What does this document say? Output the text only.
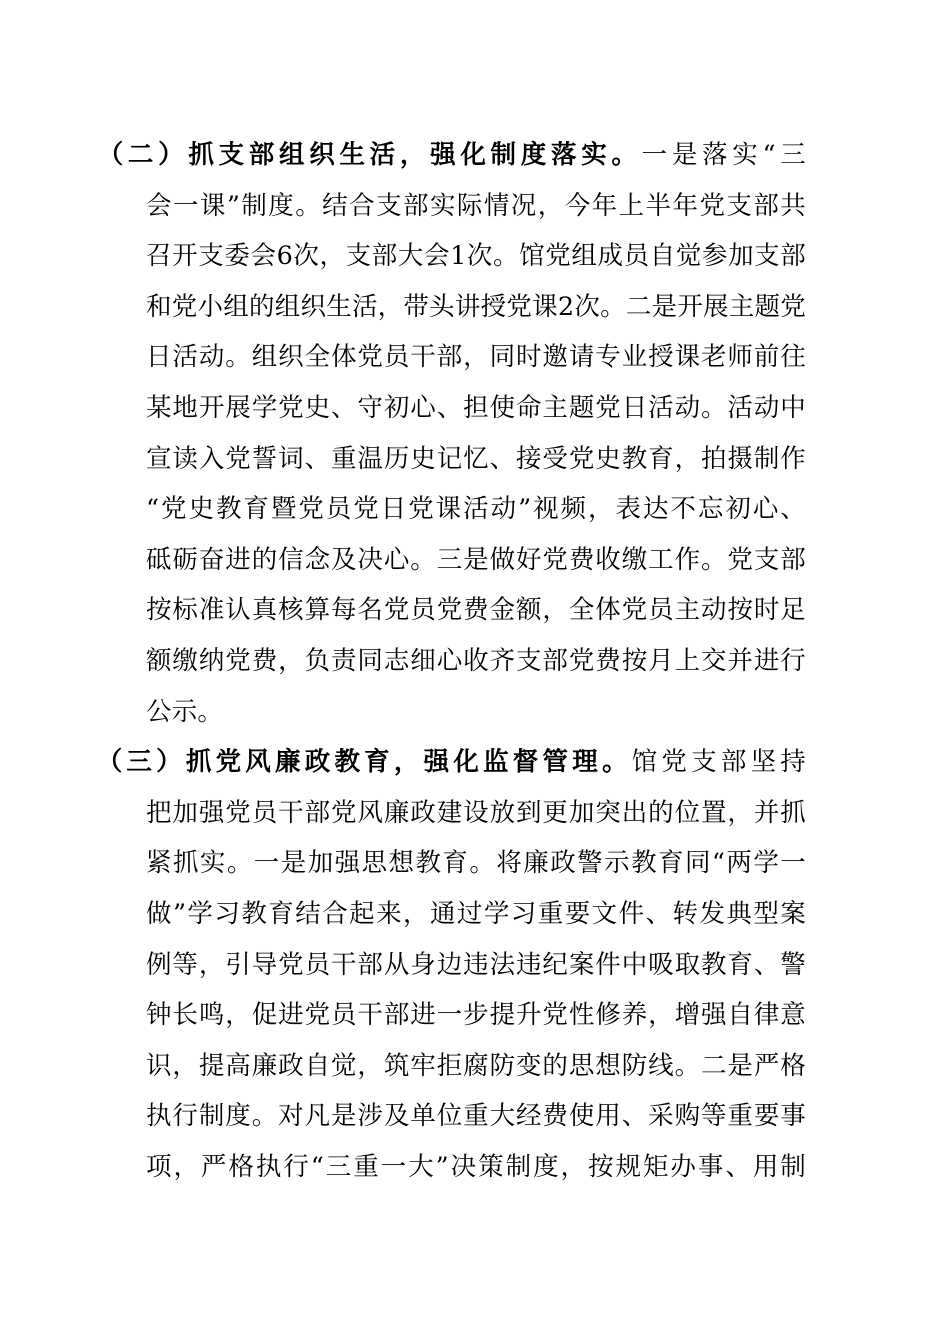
　　（二）抓支部组织生活，强化制度落实。一是落实“三
会一课”制度。结合支部实际情况，今年上半年党支部共
召开支委会6次，支部大会1次。馆党组成员自觉参加支部
和党小组的组织生活，带头讲授党课2次。二是开展主题党
日活动。组织全体党员干部，同时邀请专业授课老师前往
某地开展学党史、守初心、担使命主题党日活动。活动中
宣读入党誓词、重温历史记忆、接受党史教育，拍摄制作
“党史教育暨党员党日党课活动”视频，表达不忘初心、
砥砺奋进的信念及决心。三是做好党费收缴工作。党支部
按标准认真核算每名党员党费金额，全体党员主动按时足
额缴纳党费，负责同志细心收齐支部党费按月上交并进行
公示。
　　（三）抓党风廉政教育，强化监督管理。馆党支部坚持
把加强党员干部党风廉政建设放到更加突出的位置，并抓
紧抓实。一是加强思想教育。将廉政警示教育同“两学一
做”学习教育结合起来，通过学习重要文件、转发典型案
例等，引导党员干部从身边违法违纪案件中吸取教育、警
钟长鸣，促进党员干部进一步提升党性修养，增强自律意
识，提高廉政自觉，筑牢拒腐防变的思想防线。二是严格
执行制度。对凡是涉及单位重大经费使用、采购等重要事
项，严格执行“三重一大”决策制度，按规矩办事、用制
